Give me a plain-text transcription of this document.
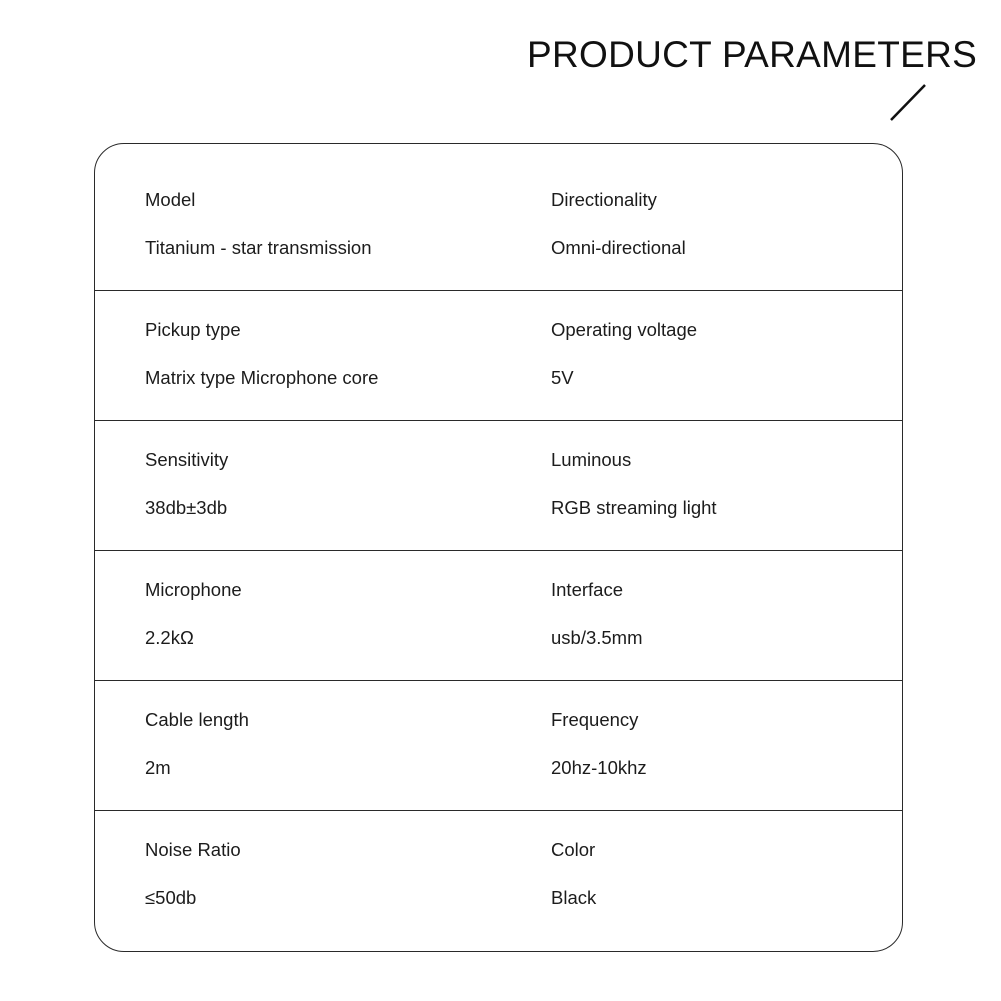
PRODUCT PARAMETERS
Model
Titanium - star transmission
Directionality
Omni-directional
Pickup type
Matrix type Microphone core
Operating voltage
5V
Sensitivity
38db±3db
Luminous
RGB streaming light
Microphone
2.2kΩ
Interface
usb/3.5mm
Cable length
2m
Frequency
20hz-10khz
Noise Ratio
≤50db
Color
Black
